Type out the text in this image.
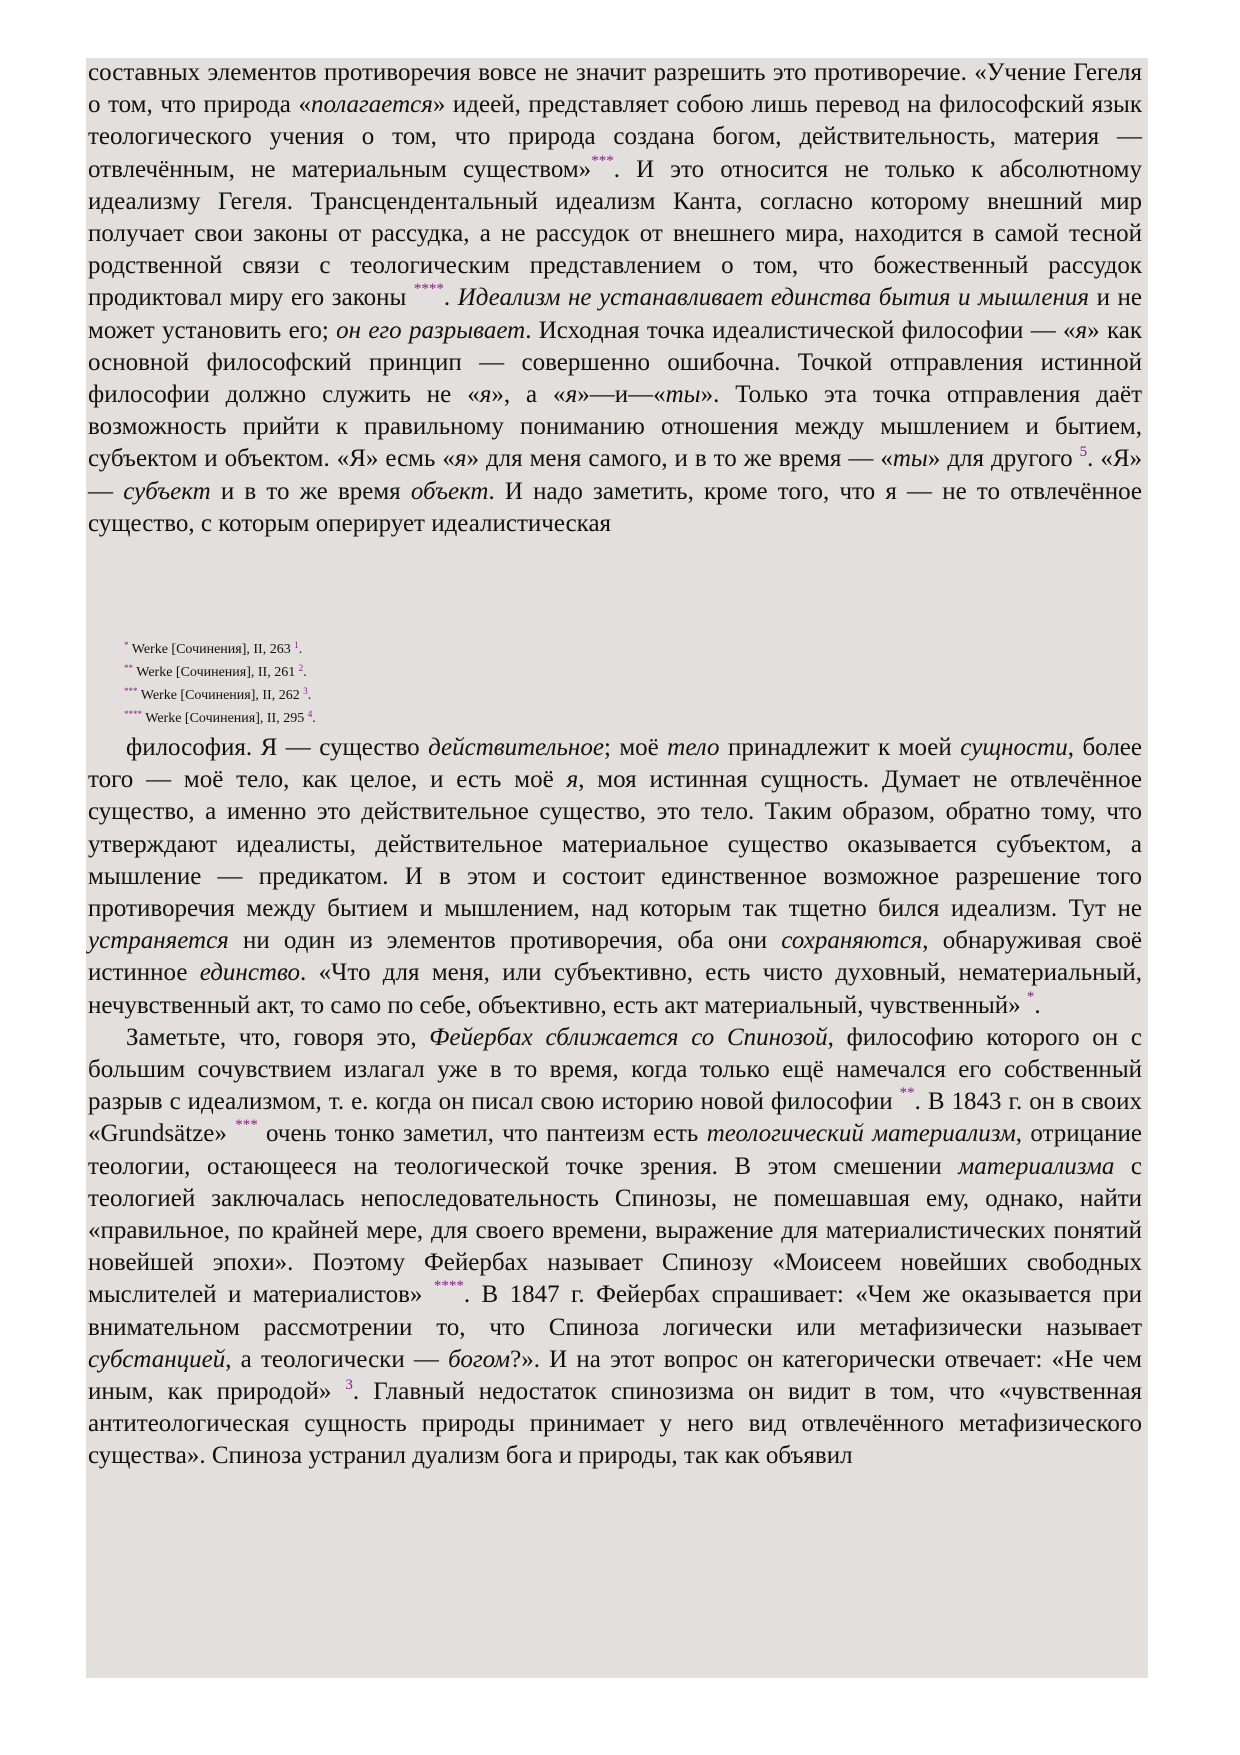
составных элементов противоречия вовсе не значит разрешить это противоречие. «Учение Гегеля о том, что природа «полагается» идеей, представляет собою лишь перевод на философский язык теологического учения о том, что природа создана богом, действительность, материя — отвлечённым, не материальным существом»***. И это относится не только к абсолютному идеализму Гегеля. Трансцендентальный идеализм Канта, согласно которому внешний мир получает свои законы от рассудка, а не рассудок от внешнего мира, находится в самой тесной родственной связи с теологическим представлением о том, что божественный рассудок продиктовал миру его законы ****. Идеализм не устанавливает единства бытия и мышления и не может установить его; он его разрывает. Исходная точка идеалистической философии — «я» как основной философский принцип — совершенно ошибочна. Точкой отправления истинной философии должно служить не «я», а «я»—и—«ты». Только эта точка отправления даёт возможность прийти к правильному пониманию отношения между мышлением и бытием, субъектом и объектом. «Я» есмь «я» для меня самого, и в то же время — «ты» для другого $^5$. «Я» — субъект и в то же время объект. И надо заметить, кроме того, что я — не то отвлечённое существо, с которым оперирует идеалистическая

* Werke [Сочинения], II, 263 $^1$.

** Werke [Сочинения], II, 261 $^2$.

*** Werke [Сочинения], II, 262 $^3$.

**** Werke [Сочинения], II, 295 $^4$.

философия. Я — существо действительное; моё тело принадлежит к моей сущности, более того — моё тело, как целое, и есть моё я, моя истинная сущность. Думает не отвлечённое существо, а именно это действительное существо, это тело. Таким образом, обратно тому, что утверждают идеалисты, действительное материальное существо оказывается субъектом, а мышление — предикатом. И в этом и состоит единственное возможное разрешение того противоречия между бытием и мышлением, над которым так тщетно бился идеализм. Тут не устраняется ни один из элементов противоречия, оба они сохраняются, обнаруживая своё истинное единство. «Что для меня, или субъективно, есть чисто духовный, нематериальный, нечувственный акт, то само по себе, объективно, есть акт материальный, чувственный» *.

Заметьте, что, говоря это, Фейербах сближается со Спинозой, философию которого он с большим сочувствием излагал уже в то время, когда только ещё намечался его собственный разрыв с идеализмом, т. е. когда он писал свою историю новой философии **. В 1843 г. он в своих «Grundsätze» *** очень тонко заметил, что пантеизм есть теологический материализм, отрицание теологии, остающееся на теологической точке зрения. В этом смешении материализма с теологией заключалась непоследовательность Спинозы, не помешавшая ему, однако, найти «правильное, по крайней мере, для своего времени, выражение для материалистических понятий новейшей эпохи». Поэтому Фейербах называет Спинозу «Моисеем новейших свободных мыслителей и материалистов» ****. В 1847 г. Фейербах спрашивает: «Чем же оказывается при внимательном рассмотрении то, что Спиноза логически или метафизически называет субстанцией, а теологически — богом?». И на этот вопрос он категорически отвечает: «Не чем иным, как природой» $^3$. Главный недостаток спинозизма он видит в том, что «чувственная антитеологическая сущность природы принимает у него вид отвлечённого метафизического существа». Спиноза устранил дуализм бога и природы, так как объявил
